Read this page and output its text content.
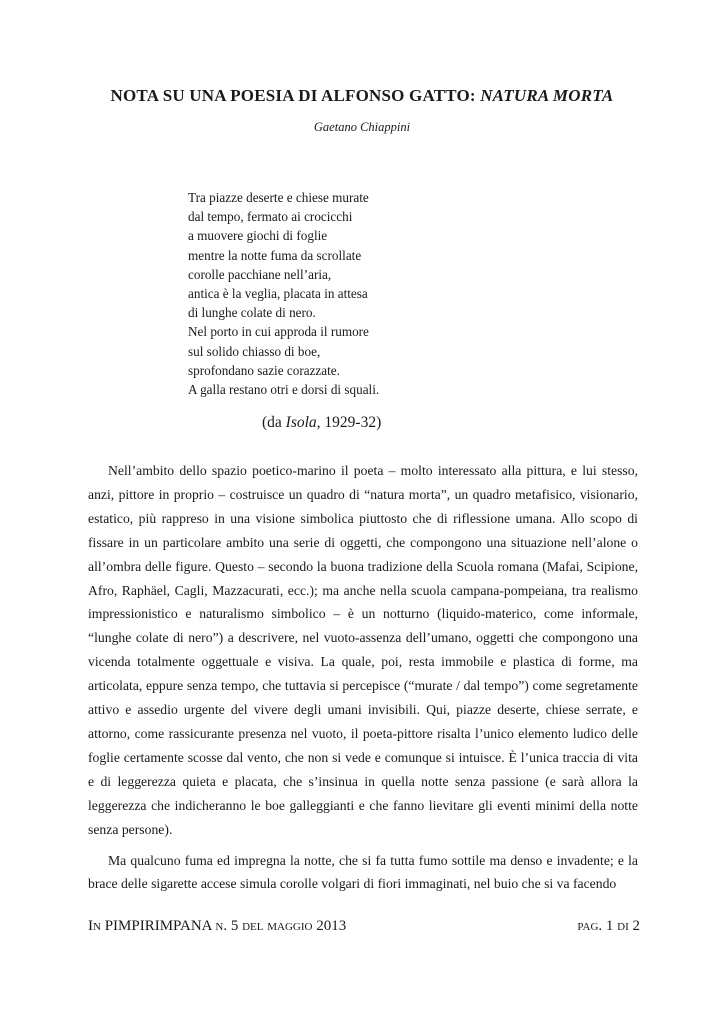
NOTA SU UNA POESIA DI ALFONSO GATTO: NATURA MORTA
Gaetano Chiappini
Tra piazze deserte e chiese murate
dal tempo, fermato ai crocicchi
a muovere giochi di foglie
mentre la notte fuma da scrollate
corolle pacchiane nell’aria,
antica è la veglia, placata in attesa
di lunghe colate di nero.
Nel porto in cui approda il rumore
sul solido chiasso di boe,
sprofondano sazie corazzate.
A galla restano otri e dorsi di squali.
(da Isola, 1929-32)

Nell’ambito dello spazio poetico-marino il poeta – molto interessato alla pittura, e lui stesso, anzi, pittore in proprio – costruisce un quadro di “natura morta”, un quadro metafisico, visionario, estatico, più rappreso in una visione simbolica piuttosto che di riflessione umana. Allo scopo di fissare in un particolare ambito una serie di oggetti, che compongono una situazione nell’alone o all’ombra delle figure. Questo – secondo la buona tradizione della Scuola romana (Mafai, Scipione, Afro, Raphäel, Cagli, Mazzacurati, ecc.); ma anche nella scuola campana-pompeiana, tra realismo impressionistico e naturalismo simbolico – è un notturno (liquido-materico, come informale, “lunghe colate di nero”) a descrivere, nel vuoto-assenza dell’umano, oggetti che compongono una vicenda totalmente oggettuale e visiva. La quale, poi, resta immobile e plastica di forme, ma articolata, eppure senza tempo, che tuttavia si percepisce (“murate / dal tempo”) come segretamente attivo e assedio urgente del vivere degli umani invisibili. Qui, piazze deserte, chiese serrate, e attorno, come rassicurante presenza nel vuoto, il poeta-pittore risalta l’unico elemento ludico delle foglie certamente scosse dal vento, che non si vede e comunque si intuisce. È l’unica traccia di vita e di leggerezza quieta e placata, che s’insinua in quella notte senza passione (e sarà allora la leggerezza che indicheranno le boe galleggianti e che fanno lievitare gli eventi minimi della notte senza persone).

Ma qualcuno fuma ed impregna la notte, che si fa tutta fumo sottile ma denso e invadente; e la brace delle sigarette accese simula corolle volgari di fiori immaginati, nel buio che si va facendo

In PIMPIRIMPANA n. 5 del maggio 2013	pag. 1 di 2
